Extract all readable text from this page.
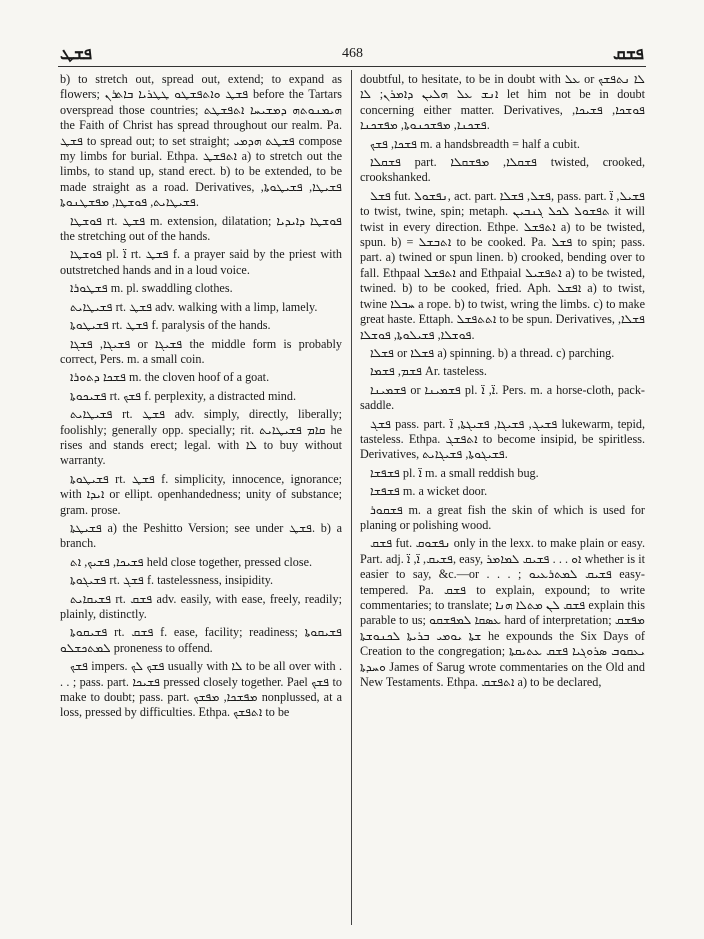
ܦܫܛ	468	ܦܫܩ

b) to stretch out, spread out, extend; to expand as flowers; ܦܫܛ ܘܐܬܦܫܛܘ ܛܛܪܝܐ ܒܐܬܪܢ before the Tartars overspread those countries; ܗܝܡܢܘܬܗ ܕܡܫܝܚܐ ܐܬܦܫܛܬ the Faith of Christ has spread throughout our realm. Pa. ܦܫܛ to spread out; to set straight; ܦܫܛܬ ܗܕܡܝ compose my limbs for burial. Ethpa. ܐܬܦܫܛ a) to stretch out the limbs, to stand up, stand erect. b) to be extended, to be made straight as a road. Derivatives, ܦܫܝܛܐ, ܦܫܝܛܘܬܐ, ܦܫܝܛܐܝܬ, ܦܘܫܛܐ, ܡܦܫܛܢܘܬܐ.

ܦܘܫܛܐ rt. ܦܫܛ m. extension, dilatation; ܦܘܫܛܐ ܕܐܝܕܝܐ the stretching out of the hands.

ܦܘܫܛܐ pl. ܐ̈ rt. ܦܫܛ f. a prayer said by the priest with outstretched hands and in a loud voice.

ܦܫܛܘܪܐ m. pl. swaddling clothes.

ܦܫܝܛܐܝܬ rt. ܦܫܛ adv. walking with a limp, lamely.

ܦܫܝܛܘܬܐ rt. ܦܫܛ f. paralysis of the hands.

ܦܫܝܓܐ, ܦܫܓܐ or ܦܫܝܓܐ the middle form is probably correct, Pers. m. a small coin.

ܦܫܟܐ ܕܬܘܪܐ m. the cloven hoof of a goat.

ܦܫܝܟܘܬܐ rt. ܦܫܟ f. perplexity, a distracted mind.

ܦܫܝܛܐܝܬ rt. ܦܫܛ adv. simply, directly, liberally; foolishly; generally opp. specially; rit. ܩܐܡ ܦܫܝܛܐܝܬ he rises and stands erect; legal. with ܠܐ to buy without warranty.

ܦܫܝܛܘܬܐ rt. ܦܫܛ f. simplicity, innocence, ignorance; with ܐܝܕܐ or ellipt. openhandedness; unity of substance; gram. prose.

ܦܫܝܛܬܐ a) the Peshitto Version; see under ܦܫܛ. b) a branch.

ܦܫܝܟܐ, ܦܫܝܟ, ܐܬ held close together, pressed close.

ܦܫܝܓܘܬܐ rt. ܦܫܓ f. tastelessness, insipidity.

ܦܫܝܩܐܝܬ rt. ܦܫܩ adv. easily, with ease, freely, readily; plainly, distinctly.

ܦܫܝܩܘܬܐ rt. ܦܫܩ f. ease, facility; readiness; ܦܫܝܩܘܬܐ ܠܡܬܟܫܠܘ proneness to offend.

ܦܫܟ impers. ܦܫܟ ܠܟ usually with ܠܐ to be all over with . . . ; pass. part. ܦܫܝܟܐ pressed closely together. Pael ܦܫܟ to make to doubt; pass. part. ܡܦܫܟܐ, ܡܦܫܟ nonplussed, at a loss, pressed by difficulties. Ethpa. ܐܬܦܫܟ to be

doubtful, to hesitate, to be in doubt with ܥܠ or ܠܐ ܢܬܦܫܟ ܐܢܫ ܥܠ ܗܠܝܢ ܕܐܡܪܢ; ܠܐ let him not be in doubt concerning either matter. Derivatives, ܦܘܫܟܐ, ܦܫܝܟܐ, ܦܫܟܢܐ, ܡܦܫܟܢܘܬܐ, ܡܦܫܟܢܐ.

ܦܫܟܐ, ܦܫܟ m. a handsbreadth = half a cubit.

ܦܫܩܠܐ part. ܦܫܩܠܐ, ܡܦܫܩܠܐ twisted, crooked, crookshanked.

ܦܫܠ fut. ܢܦܫܘܠ, act. part. ܦܫܠ, ܦܫܠܐ, pass. part. ܦܫܝܠ, ܐ̈ to twist, twine, spin; metaph. ܬܦܫܘܠ ܠܟܠ ܓܢܒܝܢ it will twist in every direction. Ethpe. ܐܬܦܫܠ a) to be twisted, spun. b) = ܐܬܒܫܠ to be cooked. Pa. ܦܫܠ to spin; pass. part. a) twined or spun linen. b) crooked, bending over to fall. Ethpaal ܐܬܦܫܠ and Ethpaial ܐܬܦܫܝܠ a) to be twisted, twined. b) to be cooked, fried. Aph. ܐܦܫܠ a) to twist, twine ܚܒܠܐ a rope. b) to twist, wring the limbs. c) to make great haste. Ettaph. ܐܬܬܦܫܠ to be spun. Derivatives, ܦܫܠܐ, ܦܘܫܠܐ, ܦܫܝܠܘܬܐ, ܦܘܫܠܐ.

ܦܫܠܐ or ܦܫܠܐ a) spinning. b) a thread. c) parching.

ܦܫܡ, ܦܫܡܐ Ar. tasteless.

ܦܫܡܝܢܐ or ܦܫܡܝܢܐ pl. ܐ̈, ܐ̈. Pers. m. a horse-cloth, pack-saddle.

ܦܫܓ pass. part. ܦܫܝܓ, ܦܫܝܓܐ, ܦܫܝܓܬܐ, ܐ̈ lukewarm, tepid, tasteless. Ethpa. ܐܬܦܫܓ to become insipid, be spiritless. Derivatives, ܦܫܝܓܘܬܐ, ܦܫܝܓܐܝܬ.

ܦܫܦܫܐ pl. ܐ̈ m. a small reddish bug.

ܦܫܦܫܐ m. a wicket door.

ܦܫܩܘܪ m. a great fish the skin of which is used for planing or polishing wood.

ܦܫܩ fut. ܢܦܫܘܩ only in the lexx. to make plain or easy. Part. adj. ܦܫܝܩ, ܐ̈, ܐ̈, easy, ܐܘ . . . ܦܫܝܩ ܠܡܐܡܪ whether is it easier to say, &c.—or . . . ; ܦܫܝܩ ܠܡܬܪܥܝܘ easy-tempered. Pa. ܦܫܩ to explain, expound; to write commentaries; to translate; ܦܫܩ ܠܢ ܡܬܠܐ ܗܢܐ explain this parable to us; ܥܣܩܐ ܠܡܦܫܩܘ hard of interpretation; ܡܦܫܩ ܫܬܐ ܝܘܡܝ ܒܪܝܬܐ ܠܟܢܘܫܬܐ he expounds the Six Days of Creation to the congregation; ܝܥܩܘܒ ܣܪܘܓܝܐ ܦܫܩ ܥܬܝܩܬܐ ܘܚܕܬܐ James of Sarug wrote commentaries on the Old and New Testaments. Ethpa. ܐܬܦܫܩ a) to be declared,
